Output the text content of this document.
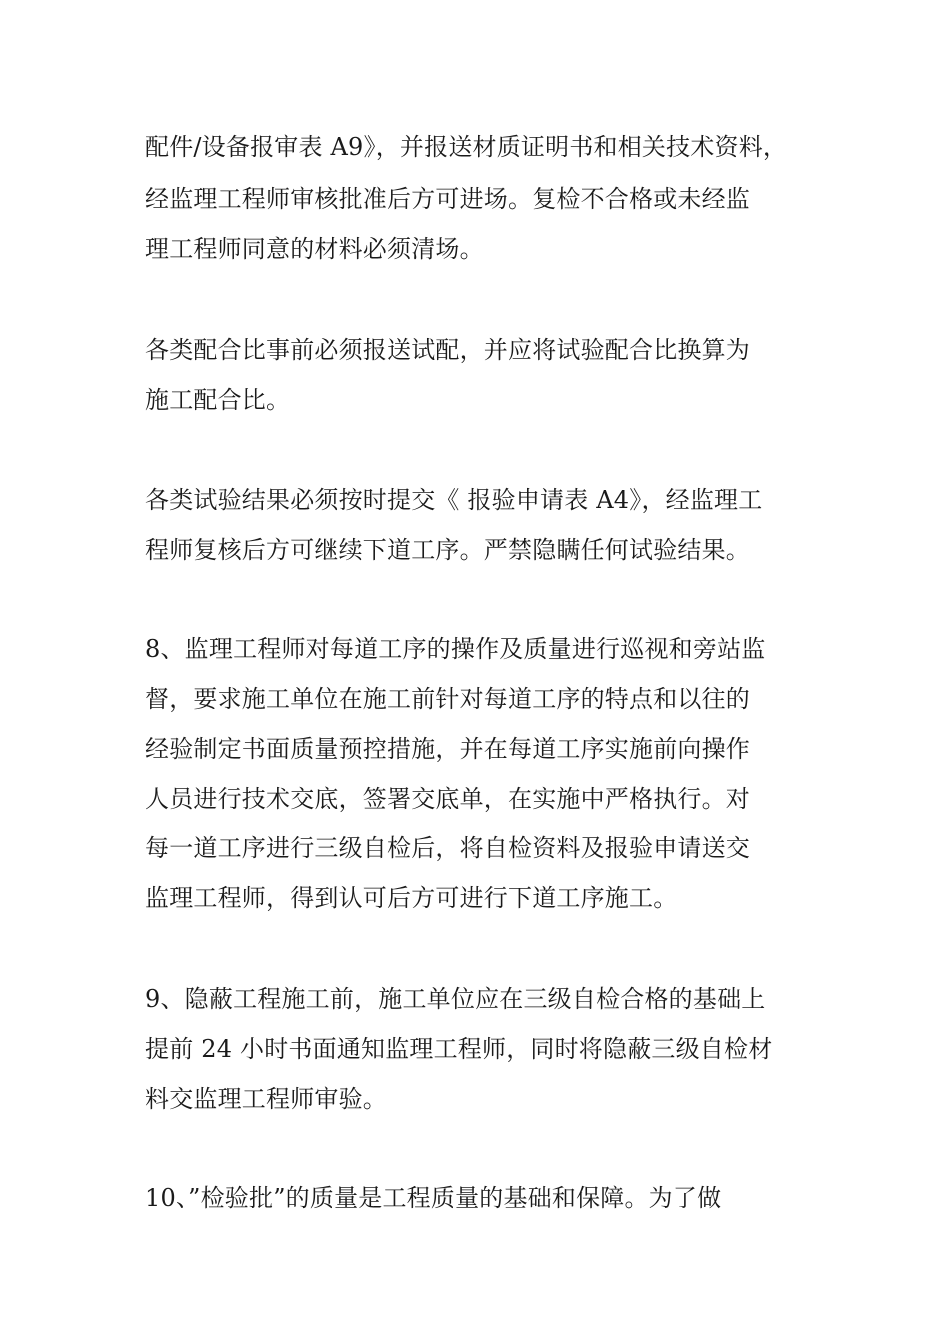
配件/设备报审表 A9》，并报送材质证明书和相关技术资料，
经监理工程师审核批准后方可进场。复检不合格或未经监
理工程师同意的材料必须清场。
各类配合比事前必须报送试配，并应将试验配合比换算为
施工配合比。
各类试验结果必须按时提交《 报验申请表 A4》，经监理工
程师复核后方可继续下道工序。严禁隐瞒任何试验结果。
8、监理工程师对每道工序的操作及质量进行巡视和旁站监
督，要求施工单位在施工前针对每道工序的特点和以往的
经验制定书面质量预控措施，并在每道工序实施前向操作
人员进行技术交底，签署交底单，在实施中严格执行。对
每一道工序进行三级自检后，将自检资料及报验申请送交
监理工程师，得到认可后方可进行下道工序施工。
9、隐蔽工程施工前，施工单位应在三级自检合格的基础上
提前 24 小时书面通知监理工程师，同时将隐蔽三级自检材
料交监理工程师审验。
10、”检验批”的质量是工程质量的基础和保障。为了做
